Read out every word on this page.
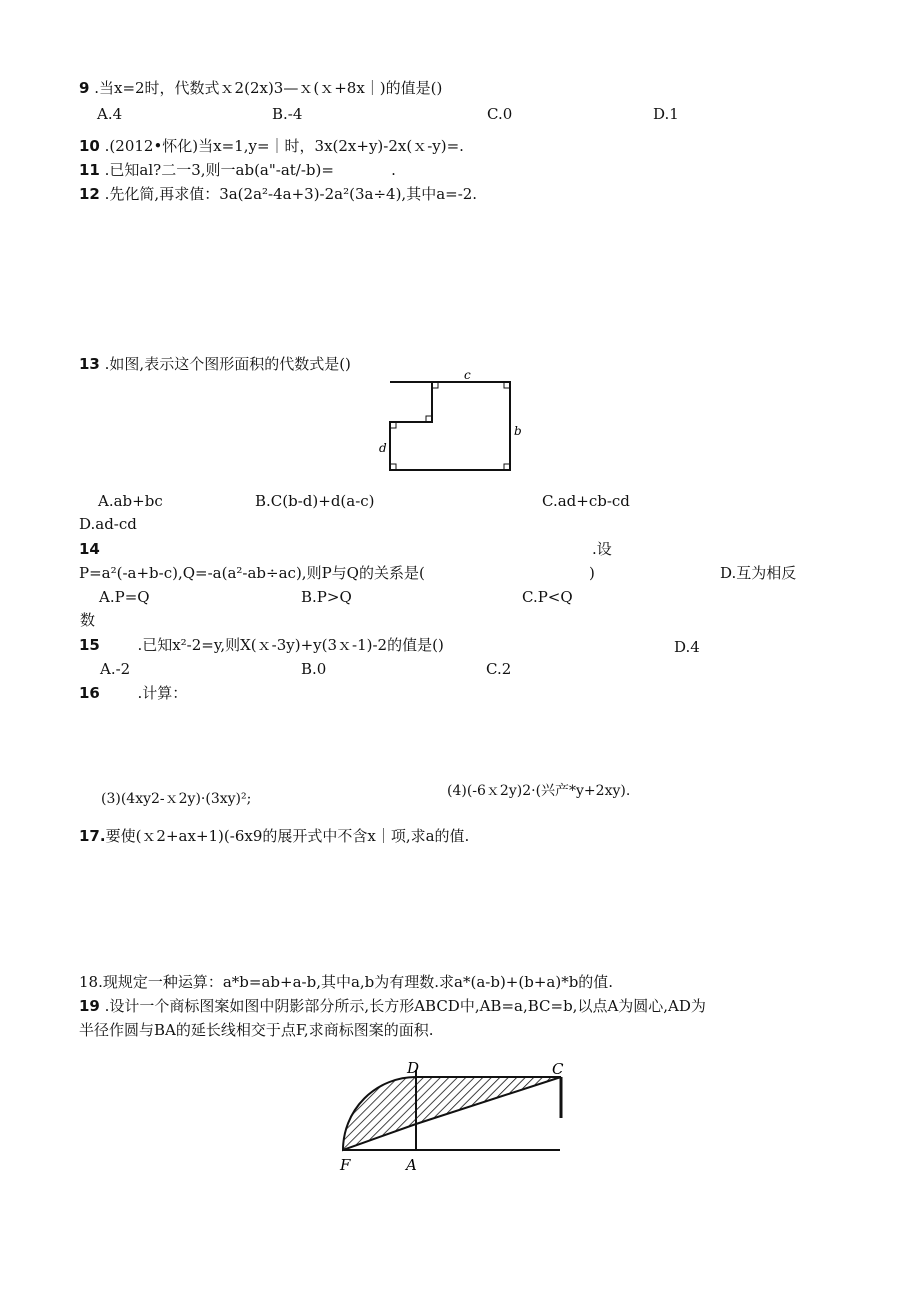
9 .当x=2时，代数式ｘ2(2x)3—ｘ(ｘ+8x｜)的值是()
A.4	B.-4	C.0	D.1
10 .(2012•怀化)当x=1,y=｜时，3x(2x+y)-2x(ｘ-y)=.
11 .已知al?二一3,则一ab(a"-at/-b)=            .
12 .先化简,再求值：3a(2a²-4a+3)-2a²(3a÷4),其中a=-2.
13 .如图,表示这个图形面积的代数式是()
c
b
d
A.ab+bc	B.C(b-d)+d(a-c)	C.ad+cb-cd
D.ad-cd
14	.设
P=a²(-a+b-c),Q=-a(a²-ab÷ac),则P与Q的关系是(	)	D.互为相反
A.P=Q	B.P>Q	C.P<Q
数
15	.已知x²-2=y,则X(ｘ-3y)+y(3ｘ-1)-2的值是()	D.4
A.-2	B.0	C.2
16	.计算：
(3)(4xy2-ｘ2y)·(3xy)²;	(4)(-6ｘ2y)2·(兴产*y+2xy).
17.要使(ｘ2+ax+1)(-6x9的展开式中不含x｜项,求a的值.
18.现规定一种运算：a*b=ab+a-b,其中a,b为有理数.求a*(a-b)+(b+a)*b的值.
19 .设计一个商标图案如图中阴影部分所示,长方形ABCD中,AB=a,BC=b,以点A为圆心,AD为
半径作圆与BA的延长线相交于点F,求商标图案的面积.
D	C
F	A
